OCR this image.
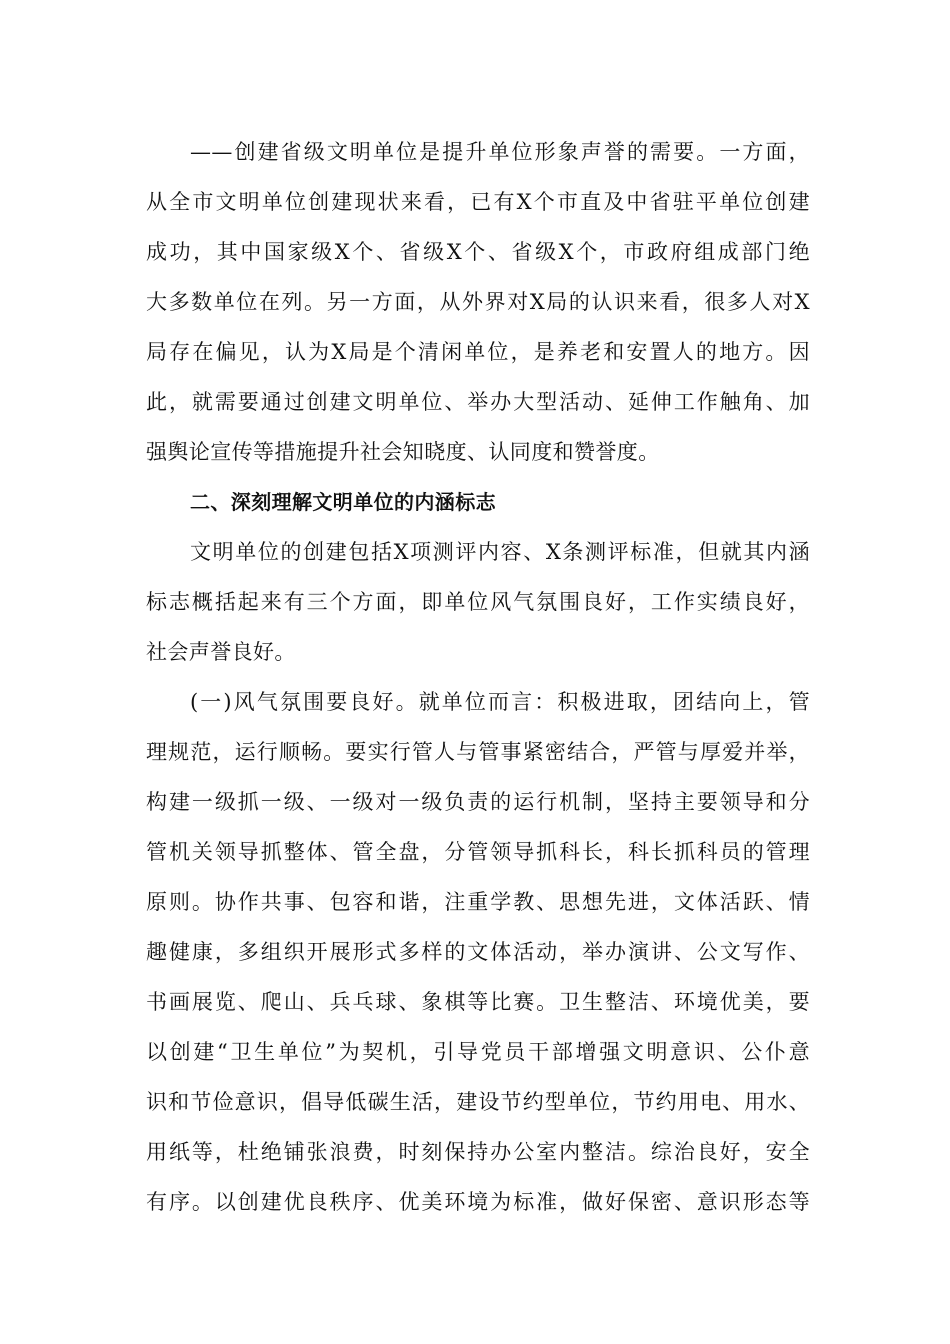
——创建省级文明单位是提升单位形象声誉的需要。一方面，
从全市文明单位创建现状来看，已有X个市直及中省驻平单位创建
成功，其中国家级X个、省级X个、省级X个，市政府组成部门绝
大多数单位在列。另一方面，从外界对X局的认识来看，很多人对X
局存在偏见，认为X局是个清闲单位，是养老和安置人的地方。因
此，就需要通过创建文明单位、举办大型活动、延伸工作触角、加
强舆论宣传等措施提升社会知晓度、认同度和赞誉度。
二、深刻理解文明单位的内涵标志
文明单位的创建包括X项测评内容、X条测评标准，但就其内涵
标志概括起来有三个方面，即单位风气氛围良好，工作实绩良好，
社会声誉良好。
(一)风气氛围要良好。就单位而言：积极进取，团结向上，管
理规范，运行顺畅。要实行管人与管事紧密结合，严管与厚爱并举，
构建一级抓一级、一级对一级负责的运行机制，坚持主要领导和分
管机关领导抓整体、管全盘，分管领导抓科长，科长抓科员的管理
原则。协作共事、包容和谐，注重学教、思想先进，文体活跃、情
趣健康，多组织开展形式多样的文体活动，举办演讲、公文写作、
书画展览、爬山、兵乓球、象棋等比赛。卫生整洁、环境优美，要
以创建“卫生单位”为契机，引导党员干部增强文明意识、公仆意
识和节俭意识，倡导低碳生活，建设节约型单位，节约用电、用水、
用纸等，杜绝铺张浪费，时刻保持办公室内整洁。综治良好，安全
有序。以创建优良秩序、优美环境为标准，做好保密、意识形态等
